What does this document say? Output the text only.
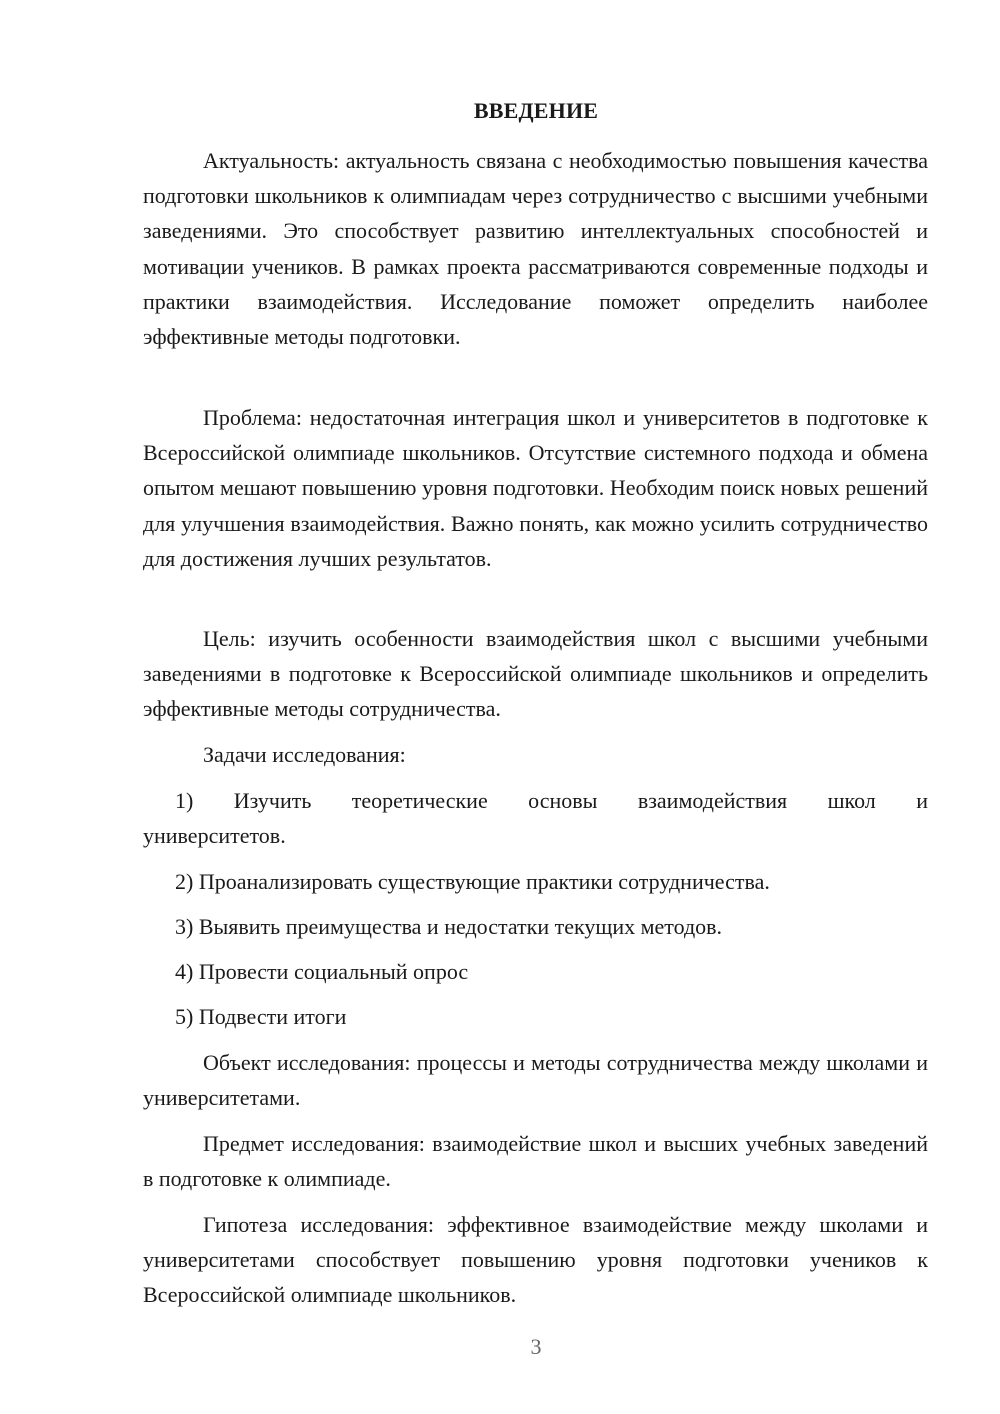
ВВЕДЕНИЕ

Актуальность: актуальность связана с необходимостью повышения качества подготовки школьников к олимпиадам через сотрудничество с высшими учебными заведениями. Это способствует развитию интеллектуальных способностей и мотивации учеников. В рамках проекта рассматриваются современные подходы и практики взаимодействия. Исследование поможет определить наиболее эффективные методы подготовки.

Проблема: недостаточная интеграция школ и университетов в подготовке к Всероссийской олимпиаде школьников. Отсутствие системного подхода и обмена опытом мешают повышению уровня подготовки. Необходим поиск новых решений для улучшения взаимодействия. Важно понять, как можно усилить сотрудничество для достижения лучших результатов.

Цель: изучить особенности взаимодействия школ с высшими учебными заведениями в подготовке к Всероссийской олимпиаде школьников и определить эффективные методы сотрудничества.

Задачи исследования:

1) Изучить теоретические основы взаимодействия школ и университетов.

2) Проанализировать существующие практики сотрудничества.

3) Выявить преимущества и недостатки текущих методов.

4) Провести социальный опрос

5) Подвести итоги

Объект исследования: процессы и методы сотрудничества между школами и университетами.

Предмет исследования: взаимодействие школ и высших учебных заведений в подготовке к олимпиаде.

Гипотеза исследования: эффективное взаимодействие между школами и университетами способствует повышению уровня подготовки учеников к Всероссийской олимпиаде школьников.

3
